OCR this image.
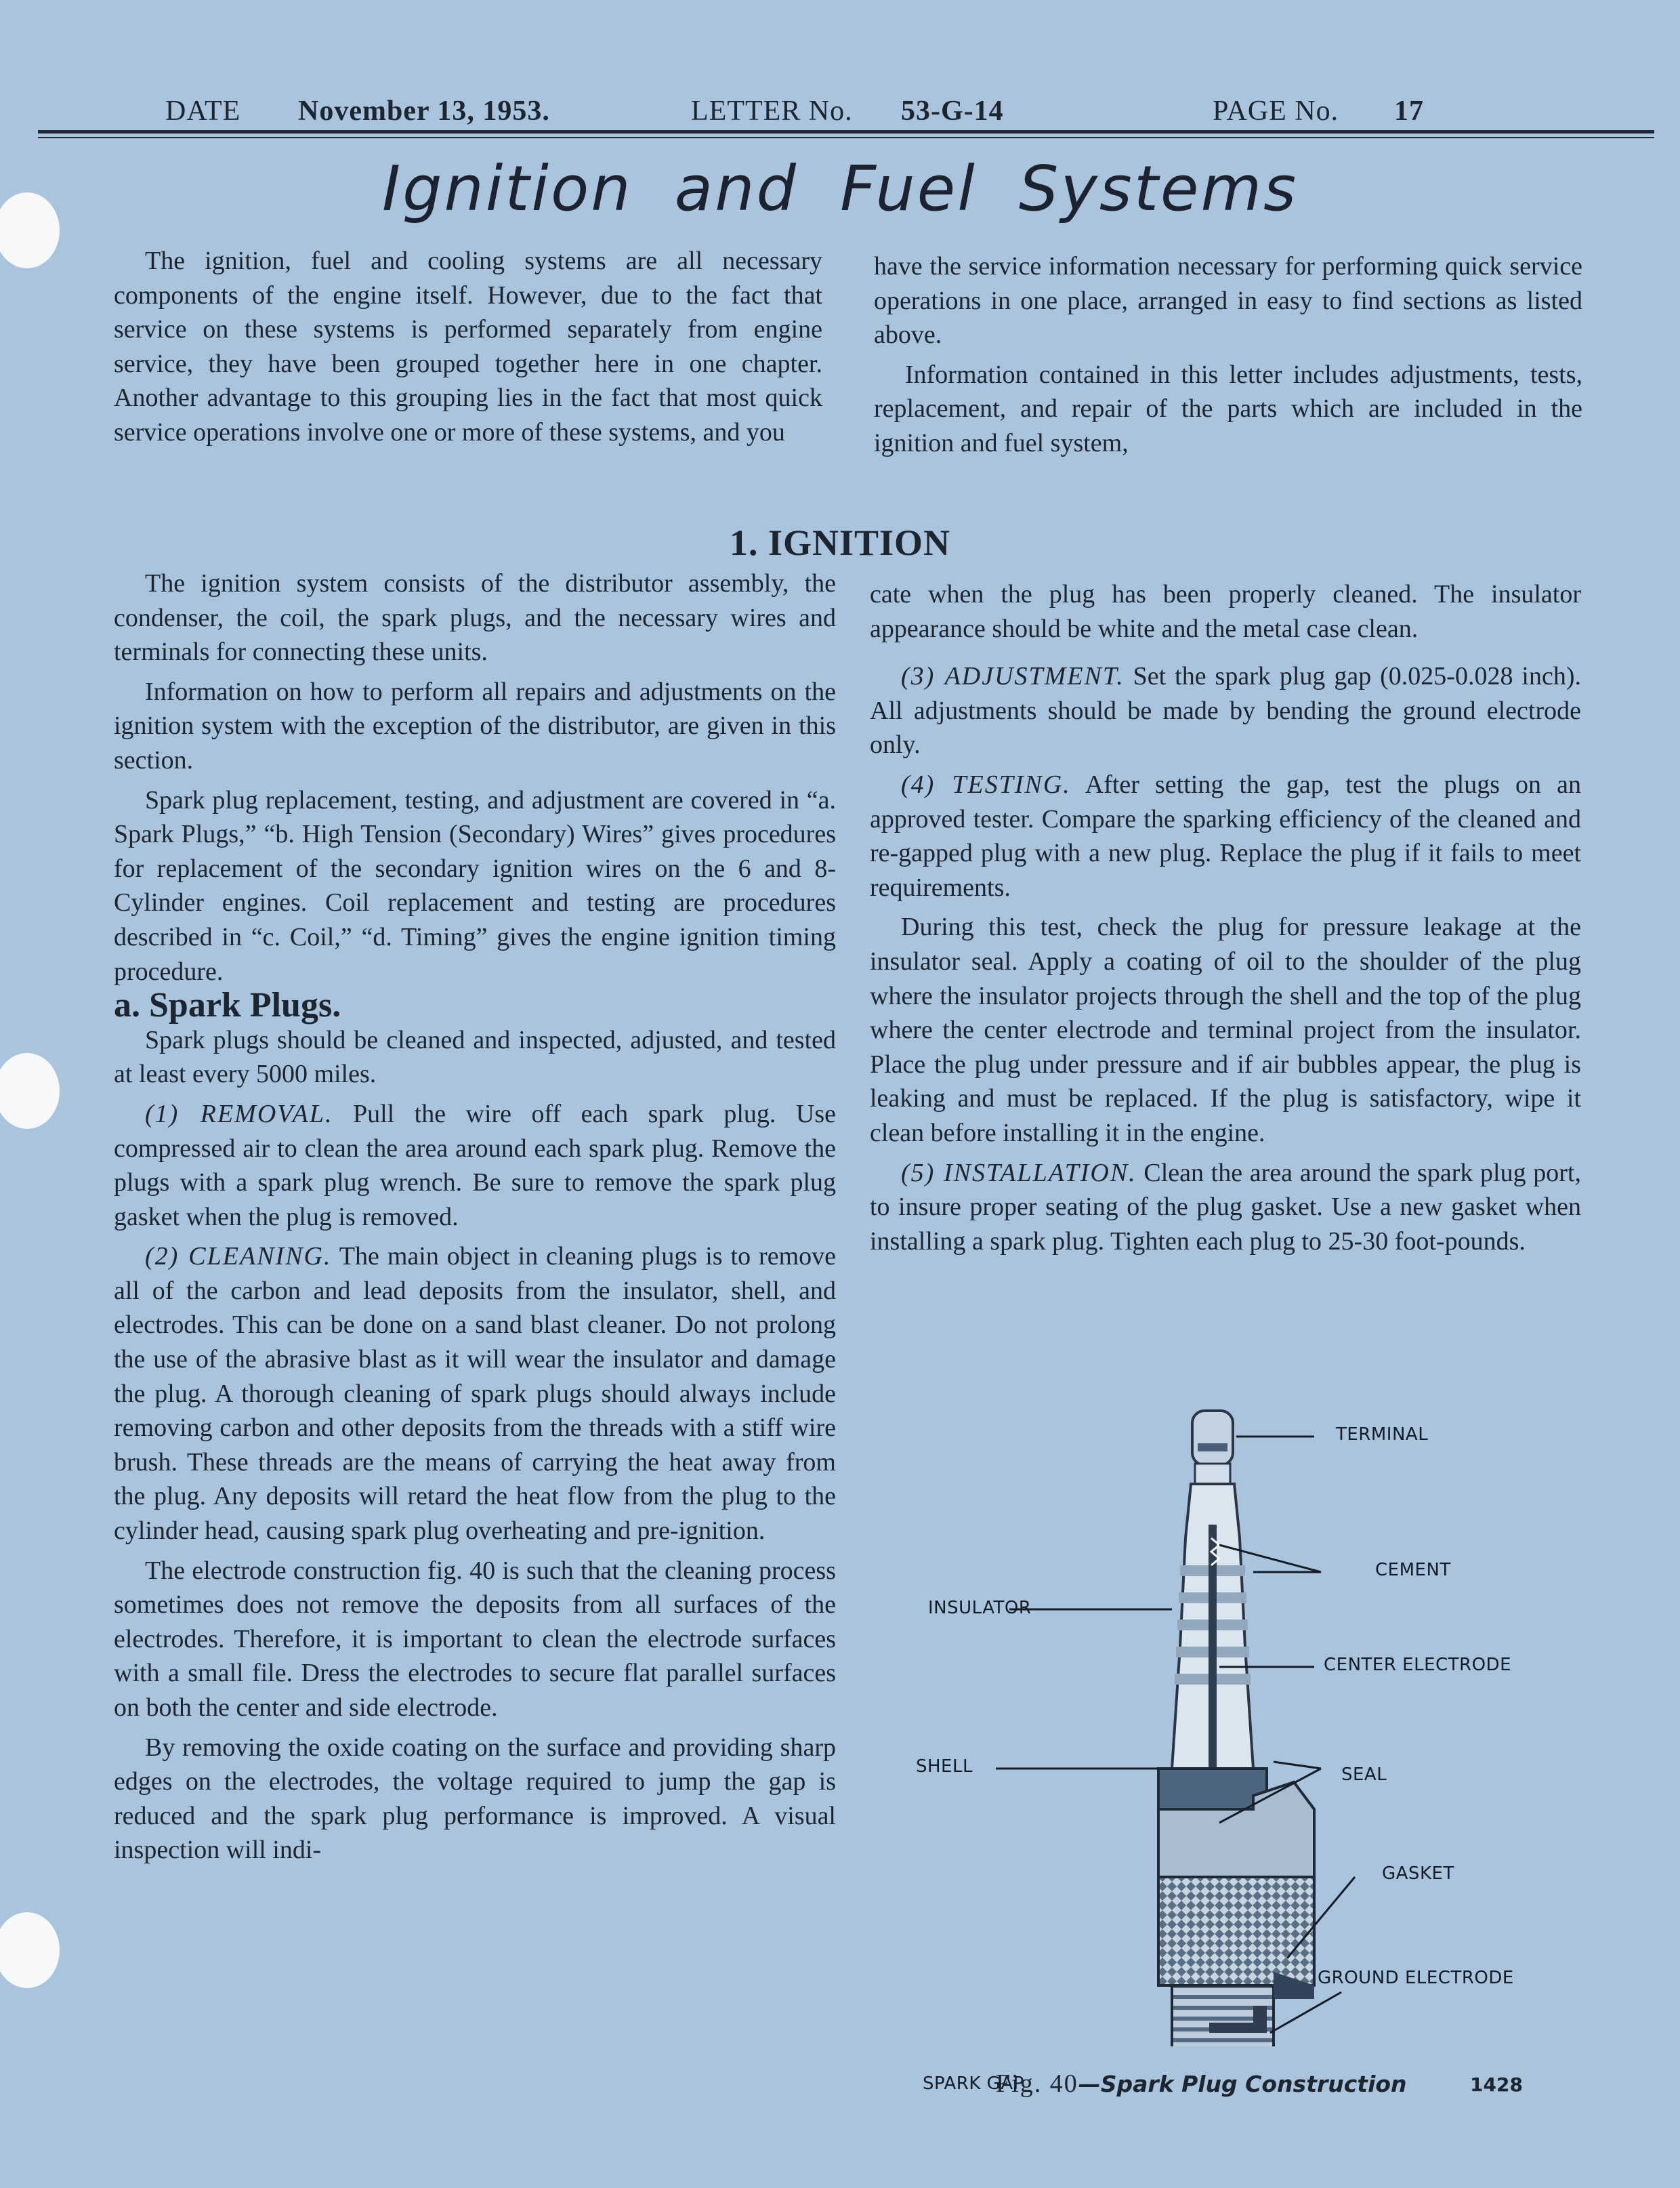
DATE November 13, 1953.	LETTER No. 53-G-14	PAGE No. 17
Ignition and Fuel Systems

The ignition, fuel and cooling systems are all necessary components of the engine itself. However, due to the fact that service on these systems is performed separately from engine service, they have been grouped together here in one chapter. Another advantage to this grouping lies in the fact that most quick service operations involve one or more of these systems, and you

have the service information necessary for performing quick service operations in one place, arranged in easy to find sections as listed above.

Information contained in this letter includes adjustments, tests, replacement, and repair of the parts which are included in the ignition and fuel system,

1. IGNITION

The ignition system consists of the distributor assembly, the condenser, the coil, the spark plugs, and the necessary wires and terminals for connecting these units.

Information on how to perform all repairs and adjustments on the ignition system with the exception of the distributor, are given in this section.

Spark plug replacement, testing, and adjustment are covered in “a. Spark Plugs,” “b. High Tension (Secondary) Wires” gives procedures for replacement of the secondary ignition wires on the 6 and 8-Cylinder engines. Coil replacement and testing are procedures described in “c. Coil,” “d. Timing” gives the engine ignition timing procedure.

a. Spark Plugs.

Spark plugs should be cleaned and inspected, adjusted, and tested at least every 5000 miles.

(1) REMOVAL. Pull the wire off each spark plug. Use compressed air to clean the area around each spark plug. Remove the plugs with a spark plug wrench. Be sure to remove the spark plug gasket when the plug is removed.

(2) CLEANING. The main object in cleaning plugs is to remove all of the carbon and lead deposits from the insulator, shell, and electrodes. This can be done on a sand blast cleaner. Do not prolong the use of the abrasive blast as it will wear the insulator and damage the plug. A thorough cleaning of spark plugs should always include removing carbon and other deposits from the threads with a stiff wire brush. These threads are the means of carrying the heat away from the plug. Any deposits will retard the heat flow from the plug to the cylinder head, causing spark plug overheating and pre-ignition.

The electrode construction fig. 40 is such that the cleaning process sometimes does not remove the deposits from all surfaces of the electrodes. Therefore, it is important to clean the electrode surfaces with a small file. Dress the electrodes to secure flat parallel surfaces on both the center and side electrode.

By removing the oxide coating on the surface and providing sharp edges on the electrodes, the voltage required to jump the gap is reduced and the spark plug performance is improved. A visual inspection will indi-

cate when the plug has been properly cleaned. The insulator appearance should be white and the metal case clean.

(3) ADJUSTMENT. Set the spark plug gap (0.025-0.028 inch). All adjustments should be made by bending the ground electrode only.

(4) TESTING. After setting the gap, test the plugs on an approved tester. Compare the sparking efficiency of the cleaned and re-gapped plug with a new plug. Replace the plug if it fails to meet requirements.

During this test, check the plug for pressure leakage at the insulator seal. Apply a coating of oil to the shoulder of the plug where the insulator projects through the shell and the top of the plug where the center electrode and terminal project from the insulator. Place the plug under pressure and if air bubbles appear, the plug is leaking and must be replaced. If the plug is satisfactory, wipe it clean before installing it in the engine.

(5) INSTALLATION. Clean the area around the spark plug port, to insure proper seating of the plug gasket. Use a new gasket when installing a spark plug. Tighten each plug to 25-30 foot-pounds.

TERMINAL
CEMENT
INSULATOR
CENTER ELECTRODE
SHELL	SEAL
GASKET
GROUND ELECTRODE
SPARK GAP	1428
Fig. 40—Spark Plug Construction
